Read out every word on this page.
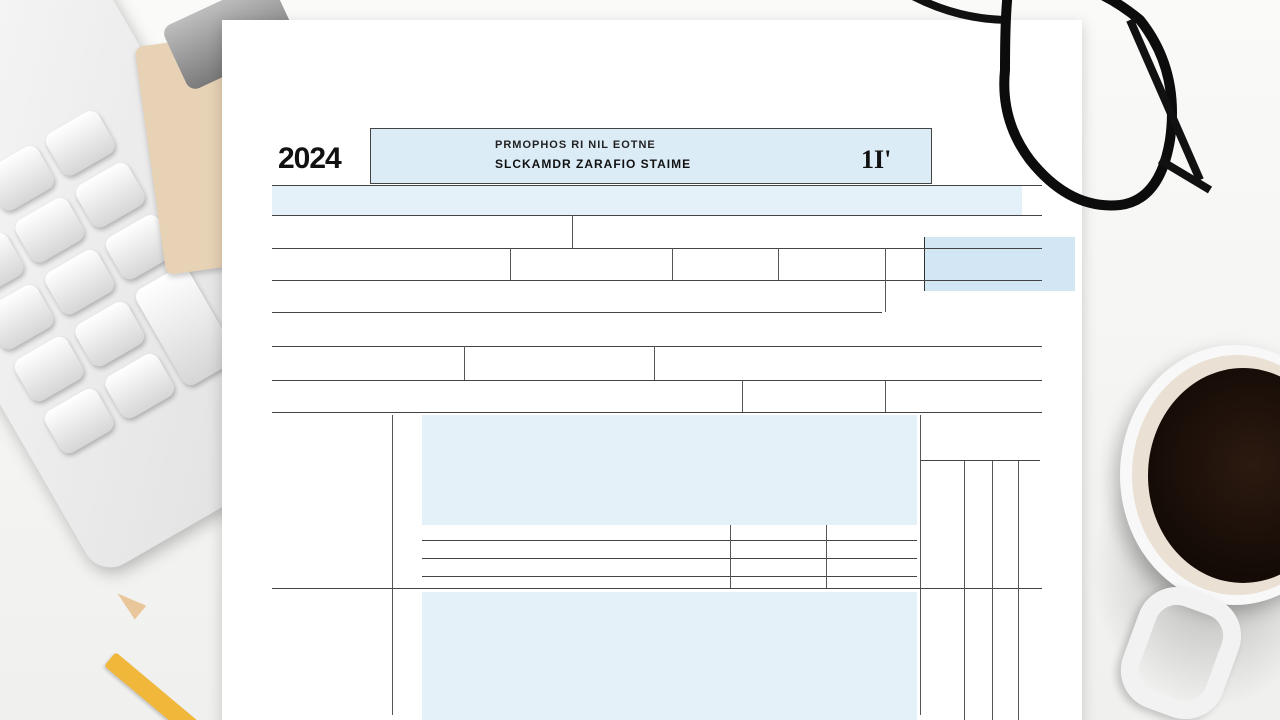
2024	PRMOPHOS RI NIL EOTNE
SLCKAMDR ZARAFIO STAIME	1I'
